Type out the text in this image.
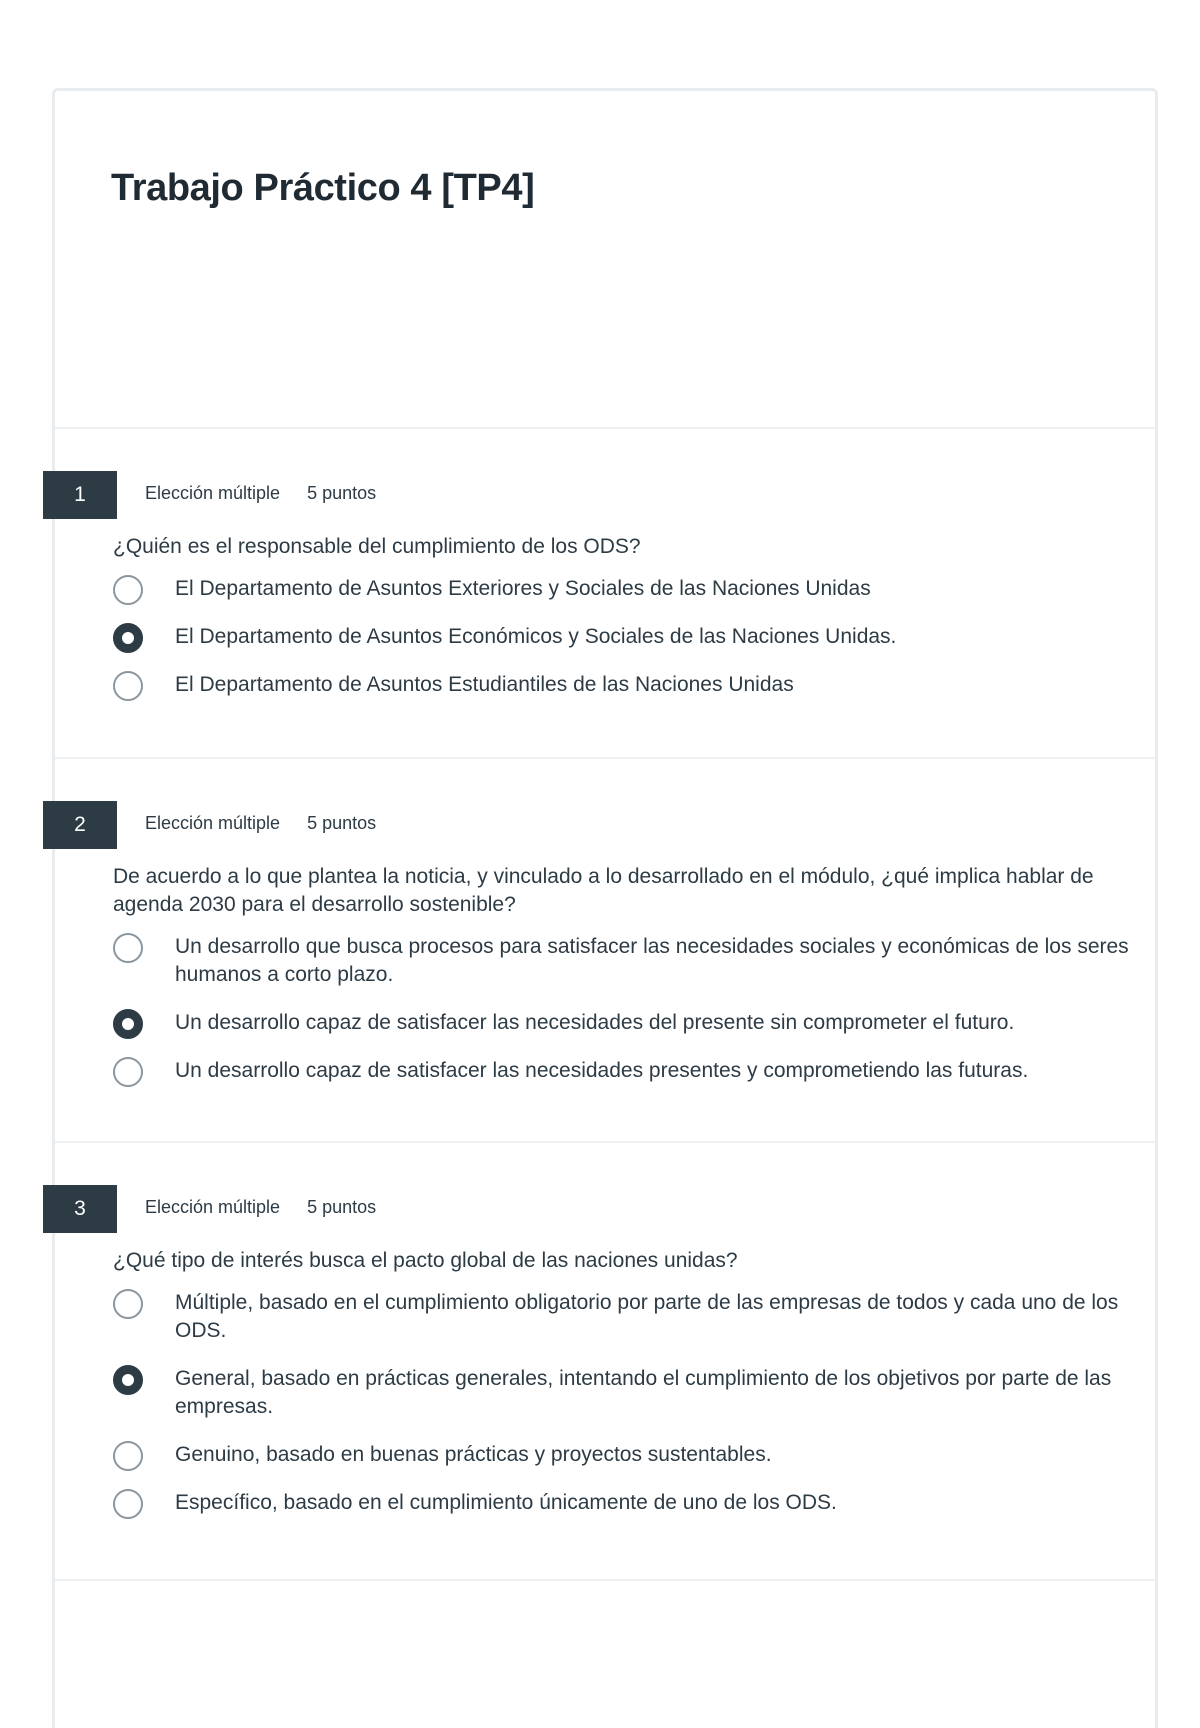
Trabajo Práctico 4 [TP4]
1	Elección múltiple 5 puntos
¿Quién es el responsable del cumplimiento de los ODS?
El Departamento de Asuntos Exteriores y Sociales de las Naciones Unidas
El Departamento de Asuntos Económicos y Sociales de las Naciones Unidas.
El Departamento de Asuntos Estudiantiles de las Naciones Unidas
2	Elección múltiple 5 puntos
De acuerdo a lo que plantea la noticia, y vinculado a lo desarrollado en el módulo, ¿qué implica hablar de agenda 2030 para el desarrollo sostenible?
Un desarrollo que busca procesos para satisfacer las necesidades sociales y económicas de los seres humanos a corto plazo.
Un desarrollo capaz de satisfacer las necesidades del presente sin comprometer el futuro.
Un desarrollo capaz de satisfacer las necesidades presentes y comprometiendo las futuras.
3	Elección múltiple 5 puntos
¿Qué tipo de interés busca el pacto global de las naciones unidas?
Múltiple, basado en el cumplimiento obligatorio por parte de las empresas de todos y cada uno de los ODS.
General, basado en prácticas generales, intentando el cumplimiento de los objetivos por parte de las empresas.
Genuino, basado en buenas prácticas y proyectos sustentables.
Específico, basado en el cumplimiento únicamente de uno de los ODS.
